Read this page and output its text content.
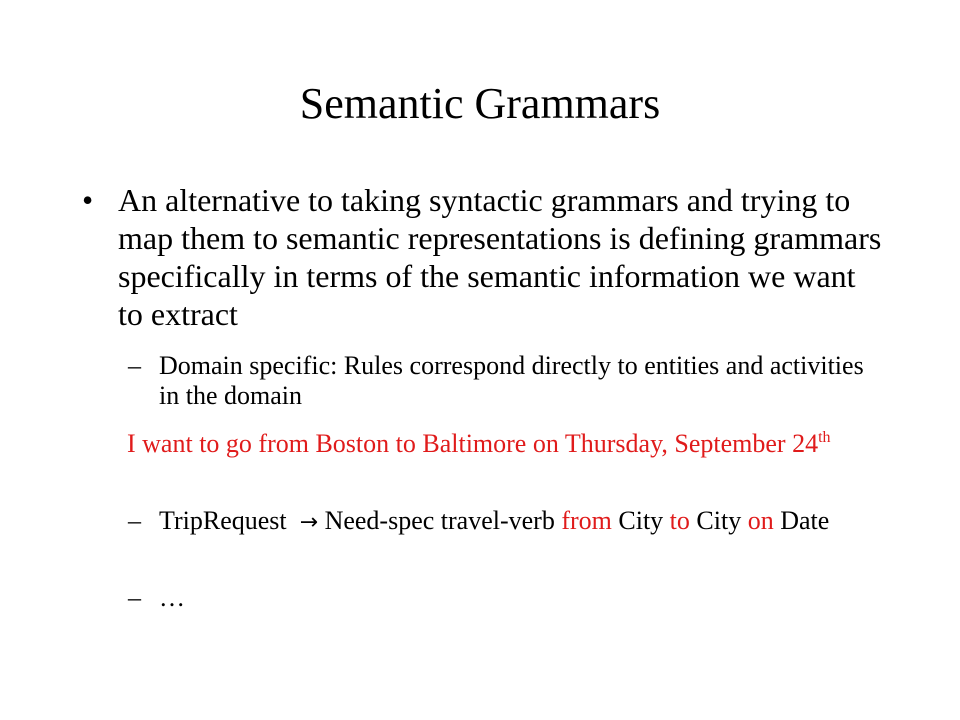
Semantic Grammars
• An alternative to taking syntactic grammars and trying to map them to semantic representations is defining grammars specifically in terms of the semantic information we want to extract
– Domain specific: Rules correspond directly to entities and activities in the domain
I want to go from Boston to Baltimore on Thursday, September 24th
– TripRequest → Need-spec travel-verb from City to City on Date
– …
